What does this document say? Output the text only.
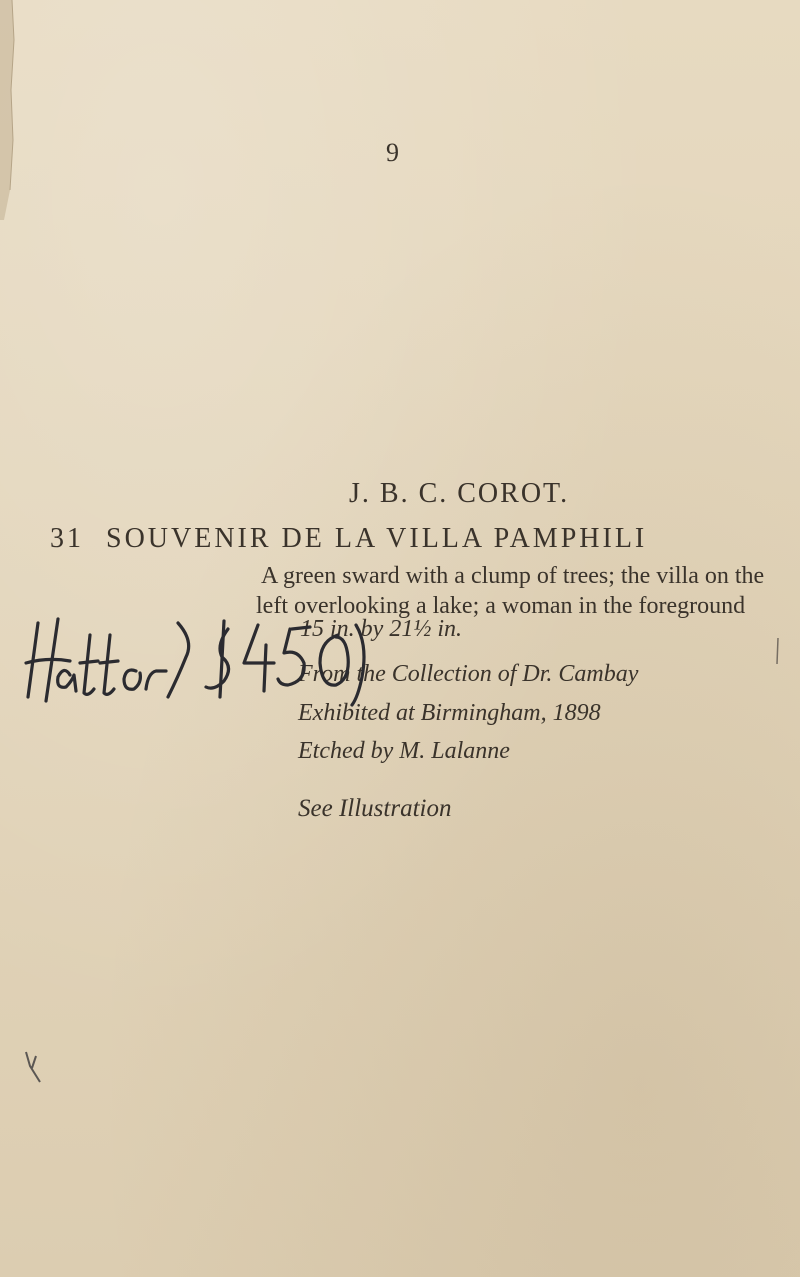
9
J. B. C. COROT.
31 SOUVENIR DE LA VILLA PAMPHILI
A green sward with a clump of trees; the villa on the
left overlooking a lake; a woman in the foreground
15 in. by 21½ in.
From the Collection of Dr. Cambay
Exhibited at Birmingham, 1898
Etched by M. Lalanne
See Illustration
